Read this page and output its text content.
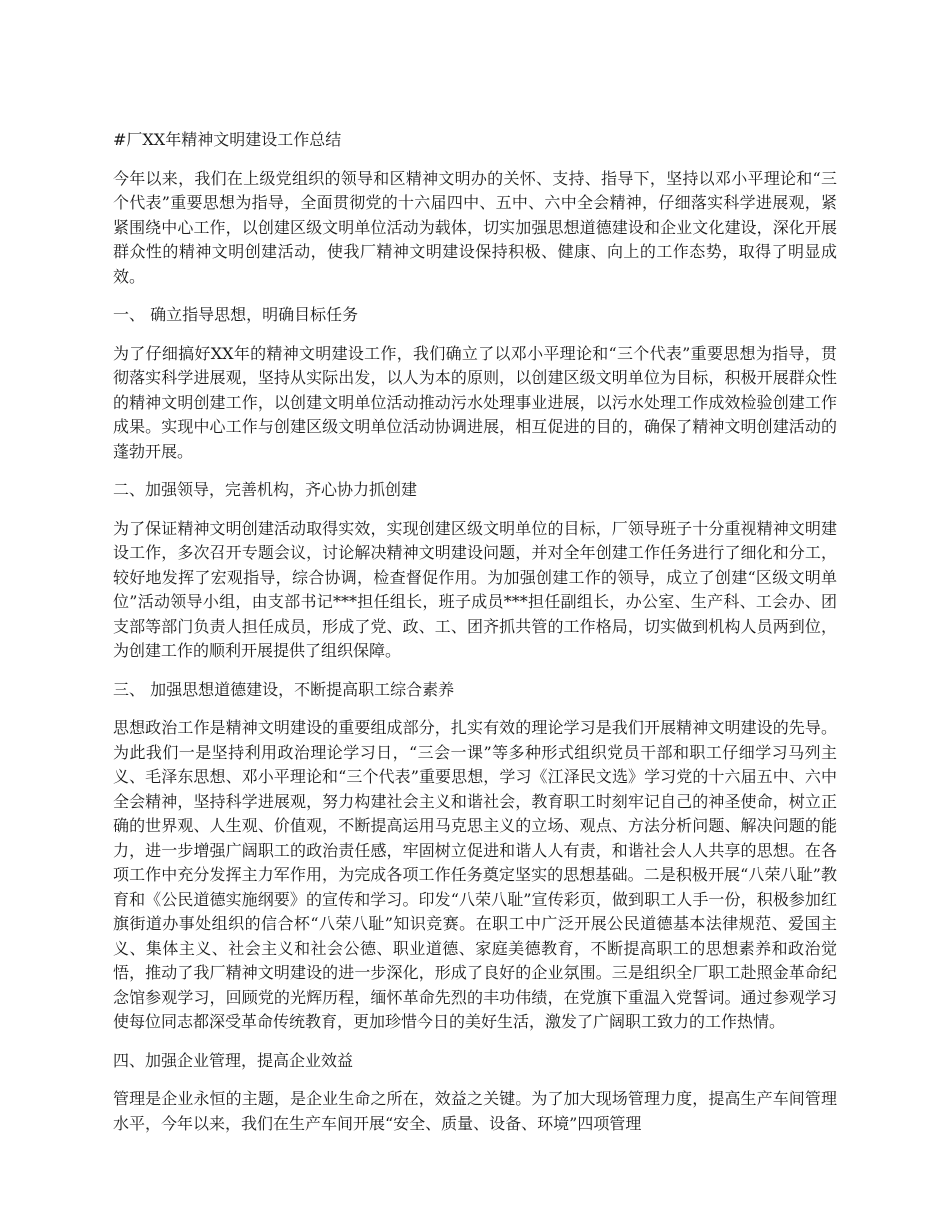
#厂XX年精神文明建设工作总结
今年以来，我们在上级党组织的领导和区精神文明办的关怀、支持、指导下，坚持以邓小平理论和“三个代表”重要思想为指导，全面贯彻党的十六届四中、五中、六中全会精神，仔细落实科学进展观，紧紧围绕中心工作，以创建区级文明单位活动为载体，切实加强思想道德建设和企业文化建设，深化开展群众性的精神文明创建活动，使我厂精神文明建设保持积极、健康、向上的工作态势，取得了明显成效。
一、 确立指导思想，明确目标任务
为了仔细搞好XX年的精神文明建设工作，我们确立了以邓小平理论和“三个代表”重要思想为指导，贯彻落实科学进展观，坚持从实际出发，以人为本的原则，以创建区级文明单位为目标，积极开展群众性的精神文明创建工作，以创建文明单位活动推动污水处理事业进展，以污水处理工作成效检验创建工作成果。实现中心工作与创建区级文明单位活动协调进展，相互促进的目的，确保了精神文明创建活动的蓬勃开展。
二、加强领导，完善机构，齐心协力抓创建
为了保证精神文明创建活动取得实效，实现创建区级文明单位的目标，厂领导班子十分重视精神文明建设工作，多次召开专题会议，讨论解决精神文明建设问题，并对全年创建工作任务进行了细化和分工，较好地发挥了宏观指导，综合协调，检查督促作用。为加强创建工作的领导，成立了创建“区级文明单位”活动领导小组，由支部书记***担任组长，班子成员***担任副组长，办公室、生产科、工会办、团支部等部门负责人担任成员，形成了党、政、工、团齐抓共管的工作格局，切实做到机构人员两到位，为创建工作的顺利开展提供了组织保障。
三、 加强思想道德建设，不断提高职工综合素养
思想政治工作是精神文明建设的重要组成部分，扎实有效的理论学习是我们开展精神文明建设的先导。为此我们一是坚持利用政治理论学习日，“三会一课”等多种形式组织党员干部和职工仔细学习马列主义、毛泽东思想、邓小平理论和“三个代表”重要思想，学习《江泽民文选》学习党的十六届五中、六中全会精神，坚持科学进展观，努力构建社会主义和谐社会，教育职工时刻牢记自己的神圣使命，树立正确的世界观、人生观、价值观，不断提高运用马克思主义的立场、观点、方法分析问题、解决问题的能力，进一步增强广阔职工的政治责任感，牢固树立促进和谐人人有责，和谐社会人人共享的思想。在各项工作中充分发挥主力军作用，为完成各项工作任务奠定坚实的思想基础。二是积极开展“八荣八耻”教育和《公民道德实施纲要》的宣传和学习。印发“八荣八耻”宣传彩页，做到职工人手一份，积极参加红旗街道办事处组织的信合杯“八荣八耻”知识竞赛。在职工中广泛开展公民道德基本法律规范、爱国主义、集体主义、社会主义和社会公德、职业道德、家庭美德教育，不断提高职工的思想素养和政治觉悟，推动了我厂精神文明建设的进一步深化，形成了良好的企业氛围。三是组织全厂职工赴照金革命纪念馆参观学习，回顾党的光辉历程，缅怀革命先烈的丰功伟绩，在党旗下重温入党誓词。通过参观学习使每位同志都深受革命传统教育，更加珍惜今日的美好生活，激发了广阔职工致力的工作热情。
四、加强企业管理，提高企业效益
管理是企业永恒的主题，是企业生命之所在，效益之关键。为了加大现场管理力度，提高生产车间管理水平，今年以来，我们在生产车间开展“安全、质量、设备、环境”四项管理
